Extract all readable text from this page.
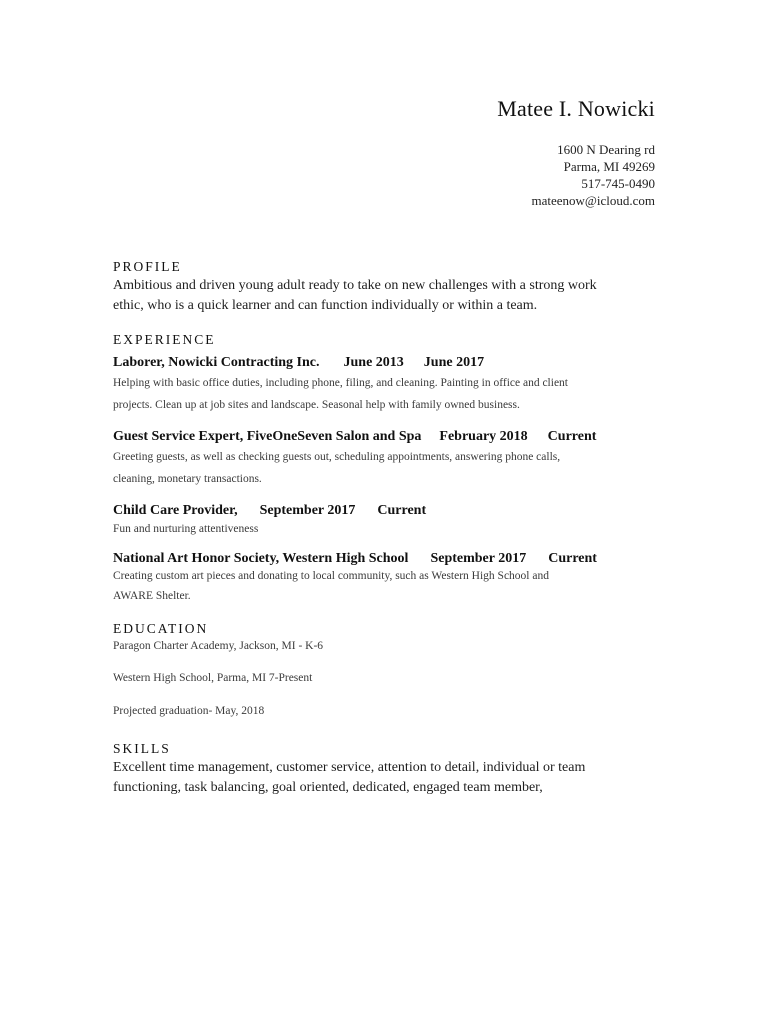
Matee I. Nowicki
1600 N Dearing rd
Parma, MI 49269
517-745-0490
mateenow@icloud.com
PROFILE
Ambitious and driven young adult ready to take on new challenges with a strong work
ethic, who is a quick learner and can function individually or within a team.
EXPERIENCE
Laborer, Nowicki Contracting Inc. June 2013 June 2017
Helping with basic office duties, including phone, filing, and cleaning. Painting in office and client
projects. Clean up at job sites and landscape. Seasonal help with family owned business.
Guest Service Expert, FiveOneSeven Salon and Spa February 2018 Current
Greeting guests, as well as checking guests out, scheduling appointments, answering phone calls,
cleaning, monetary transactions.
Child Care Provider, September 2017 Current
Fun and nurturing attentiveness
National Art Honor Society, Western High School September 2017 Current
Creating custom art pieces and donating to local community, such as Western High School and
AWARE Shelter.
EDUCATION
Paragon Charter Academy, Jackson, MI - K-6
Western High School, Parma, MI 7-Present
Projected graduation- May, 2018
SKILLS
Excellent time management, customer service, attention to detail, individual or team
functioning, task balancing, goal oriented, dedicated, engaged team member,
